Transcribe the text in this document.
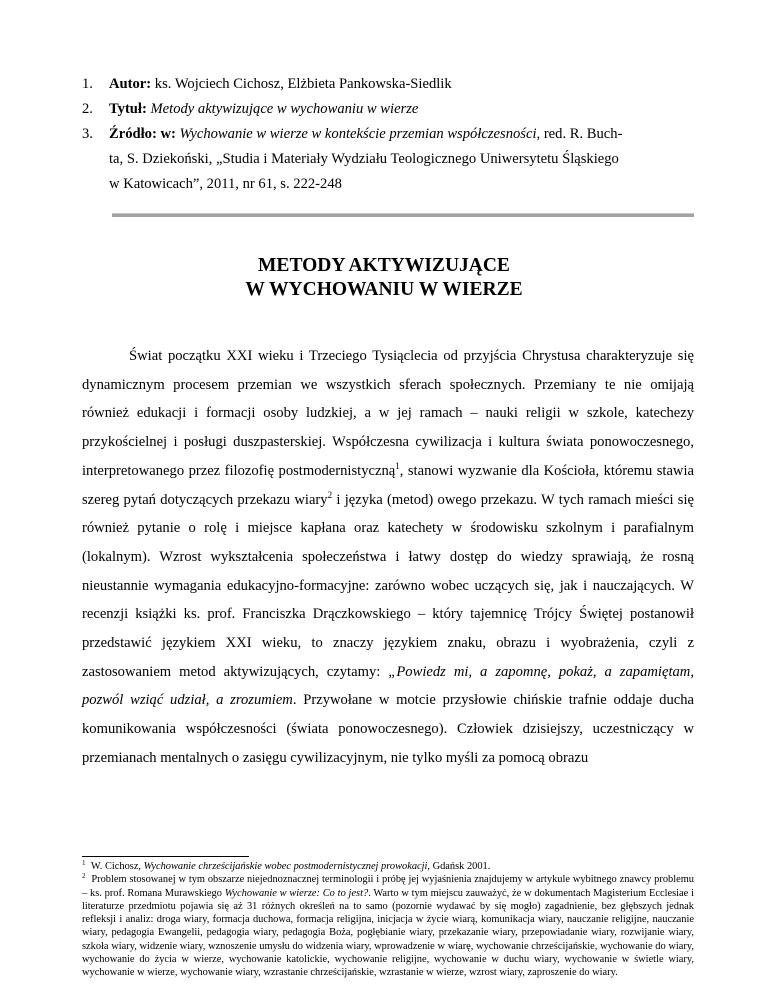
1.	Autor: ks. Wojciech Cichosz, Elżbieta Pankowska-Siedlik
2.	Tytuł: Metody aktywizujące w wychowaniu w wierze
3.	Źródło: w: Wychowanie w wierze w kontekście przemian współczesności, red. R. Buch-
ta, S. Dziekoński, „Studia i Materiały Wydziału Teologicznego Uniwersytetu Śląskiego
w Katowicach”, 2011, nr 61, s. 222-248
METODY AKTYWIZUJĄCE
W WYCHOWANIU W WIERZE

Świat początku XXI wieku i Trzeciego Tysiąclecia od przyjścia Chrystusa charakteryzuje się dynamicznym procesem przemian we wszystkich sferach społecznych. Przemiany te nie omijają również edukacji i formacji osoby ludzkiej, a w jej ramach – nauki religii w szkole, katechezy przykościelnej i posługi duszpasterskiej. Współczesna cywilizacja i kultura świata ponowoczesnego, interpretowanego przez filozofię postmodernistyczną$^1$, stanowi wyzwanie dla Kościoła, któremu stawia szereg pytań dotyczących przekazu wiary$^2$ i języka (metod) owego przekazu. W tych ramach mieści się również pytanie o rolę i miejsce kapłana oraz katechety w środowisku szkolnym i parafialnym (lokalnym). Wzrost wykształcenia społeczeństwa i łatwy dostęp do wiedzy sprawiają, że rosną nieustannie wymagania edukacyjno-formacyjne: zarówno wobec uczących się, jak i nauczających. W recenzji książki ks. prof. Franciszka Drączkowskiego – który tajemnicę Trójcy Świętej postanowił przedstawić językiem XXI wieku, to znaczy językiem znaku, obrazu i wyobrażenia, czyli z zastosowaniem metod aktywizujących, czytamy: „Powiedz mi, a zapomnę, pokaż, a zapamiętam, pozwól wziąć udział, a zrozumiem. Przywołane w motcie przysłowie chińskie trafnie oddaje ducha komunikowania współczesności (świata ponowoczesnego). Człowiek dzisiejszy, uczestniczący w przemianach mentalnych o zasięgu cywilizacyjnym, nie tylko myśli za pomocą obrazu

$^1$ W. Cichosz, Wychowanie chrześcijańskie wobec postmodernistycznej prowokacji, Gdańsk 2001.

$^2$ Problem stosowanej w tym obszarze niejednoznacznej terminologii i próbę jej wyjaśnienia znajdujemy w artykule wybitnego znawcy problemu – ks. prof. Romana Murawskiego Wychowanie w wierze: Co to jest?. Warto w tym miejscu zauważyć, że w dokumentach Magisterium Ecclesiae i literaturze przedmiotu pojawia się aż 31 różnych określeń na to samo (pozornie wydawać by się mogło) zagadnienie, bez głębszych jednak refleksji i analiz: droga wiary, formacja duchowa, formacja religijna, inicjacja w życie wiarą, komunikacja wiary, nauczanie religijne, nauczanie wiary, pedagogia Ewangelii, pedagogia wiary, pedagogia Boża, pogłębianie wiary, przekazanie wiary, przepowiadanie wiary, rozwijanie wiary, szkoła wiary, widzenie wiary, wznoszenie umysłu do widzenia wiary, wprowadzenie w wiarę, wychowanie chrześcijańskie, wychowanie do wiary, wychowanie do życia w wierze, wychowanie katolickie, wychowanie religijne, wychowanie w duchu wiary, wychowanie w świetle wiary, wychowanie w wierze, wychowanie wiary, wzrastanie chrześcijańskie, wzrastanie w wierze, wzrost wiary, zaproszenie do wiary.
